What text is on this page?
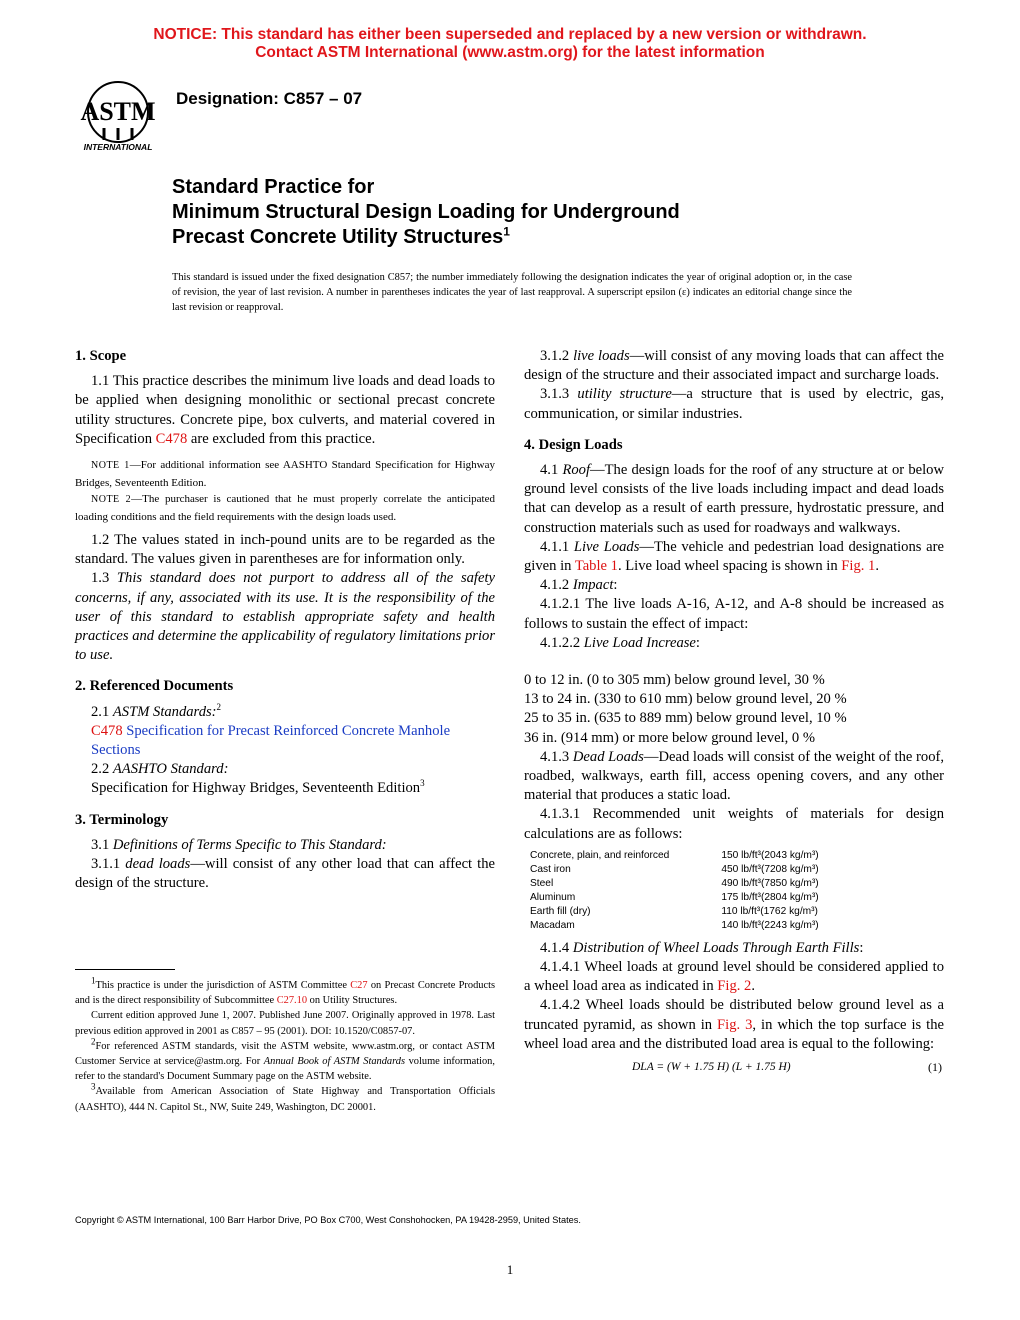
NOTICE: This standard has either been superseded and replaced by a new version or withdrawn.
Contact ASTM International (www.astm.org) for the latest information
ASTM
INTERNATIONAL
Designation: C857 – 07
Standard Practice for
Minimum Structural Design Loading for Underground
Precast Concrete Utility Structures$^1$
This standard is issued under the fixed designation C857; the number immediately following the designation indicates the year of original adoption or, in the case of revision, the year of last revision. A number in parentheses indicates the year of last reapproval. A superscript epsilon (ε) indicates an editorial change since the last revision or reapproval.

1. Scope

1.1 This practice describes the minimum live loads and dead loads to be applied when designing monolithic or sectional precast concrete utility structures. Concrete pipe, box culverts, and material covered in Specification C478 are excluded from this practice.

NOTE 1—For additional information see AASHTO Standard Specification for Highway Bridges, Seventeenth Edition.

NOTE 2—The purchaser is cautioned that he must properly correlate the anticipated loading conditions and the field requirements with the design loads used.

1.2 The values stated in inch-pound units are to be regarded as the standard. The values given in parentheses are for information only.

1.3 This standard does not purport to address all of the safety concerns, if any, associated with its use. It is the responsibility of the user of this standard to establish appropriate safety and health practices and determine the applicability of regulatory limitations prior to use.

2. Referenced Documents

2.1 ASTM Standards:$^2$

C478 Specification for Precast Reinforced Concrete Manhole Sections

2.2 AASHTO Standard:

Specification for Highway Bridges, Seventeenth Edition$^3$

3. Terminology

3.1 Definitions of Terms Specific to This Standard:

3.1.1 dead loads—will consist of any other load that can affect the design of the structure.

$^1$This practice is under the jurisdiction of ASTM Committee C27 on Precast Concrete Products and is the direct responsibility of Subcommittee C27.10 on Utility Structures.

Current edition approved June 1, 2007. Published June 2007. Originally approved in 1978. Last previous edition approved in 2001 as C857 – 95 (2001). DOI: 10.1520/C0857-07.

$^2$For referenced ASTM standards, visit the ASTM website, www.astm.org, or contact ASTM Customer Service at service@astm.org. For Annual Book of ASTM Standards volume information, refer to the standard's Document Summary page on the ASTM website.

$^3$Available from American Association of State Highway and Transportation Officials (AASHTO), 444 N. Capitol St., NW, Suite 249, Washington, DC 20001.

3.1.2 live loads—will consist of any moving loads that can affect the design of the structure and their associated impact and surcharge loads.

3.1.3 utility structure—a structure that is used by electric, gas, communication, or similar industries.

4. Design Loads

4.1 Roof—The design loads for the roof of any structure at or below ground level consists of the live loads including impact and dead loads that can develop as a result of earth pressure, hydrostatic pressure, and construction materials such as used for roadways and walkways.

4.1.1 Live Loads—The vehicle and pedestrian load designations are given in Table 1. Live load wheel spacing is shown in Fig. 1.

4.1.2 Impact:

4.1.2.1 The live loads A-16, A-12, and A-8 should be increased as follows to sustain the effect of impact:

4.1.2.2 Live Load Increase:

0 to 12 in. (0 to 305 mm) below ground level, 30 %

13 to 24 in. (330 to 610 mm) below ground level, 20 %

25 to 35 in. (635 to 889 mm) below ground level, 10 %

36 in. (914 mm) or more below ground level, 0 %

4.1.3 Dead Loads—Dead loads will consist of the weight of the roof, roadbed, walkways, earth fill, access opening covers, and any other material that produces a static load.

4.1.3.1 Recommended unit weights of materials for design calculations are as follows:

Concrete, plain, and reinforced	150 lb/ft³(2043 kg/m³)
Cast iron	450 lb/ft³(7208 kg/m³)
Steel	490 lb/ft³(7850 kg/m³)
Aluminum	175 lb/ft³(2804 kg/m³)
Earth fill (dry)	110 lb/ft³(1762 kg/m³)
Macadam	140 lb/ft³(2243 kg/m³)

4.1.4 Distribution of Wheel Loads Through Earth Fills:

4.1.4.1 Wheel loads at ground level should be considered applied to a wheel load area as indicated in Fig. 2.

4.1.4.2 Wheel loads should be distributed below ground level as a truncated pyramid, as shown in Fig. 3, in which the top surface is the wheel load area and the distributed load area is equal to the following:

DLA = (W + 1.75 H) (L + 1.75 H)	(1)
Copyright © ASTM International, 100 Barr Harbor Drive, PO Box C700, West Conshohocken, PA 19428-2959, United States.
1
